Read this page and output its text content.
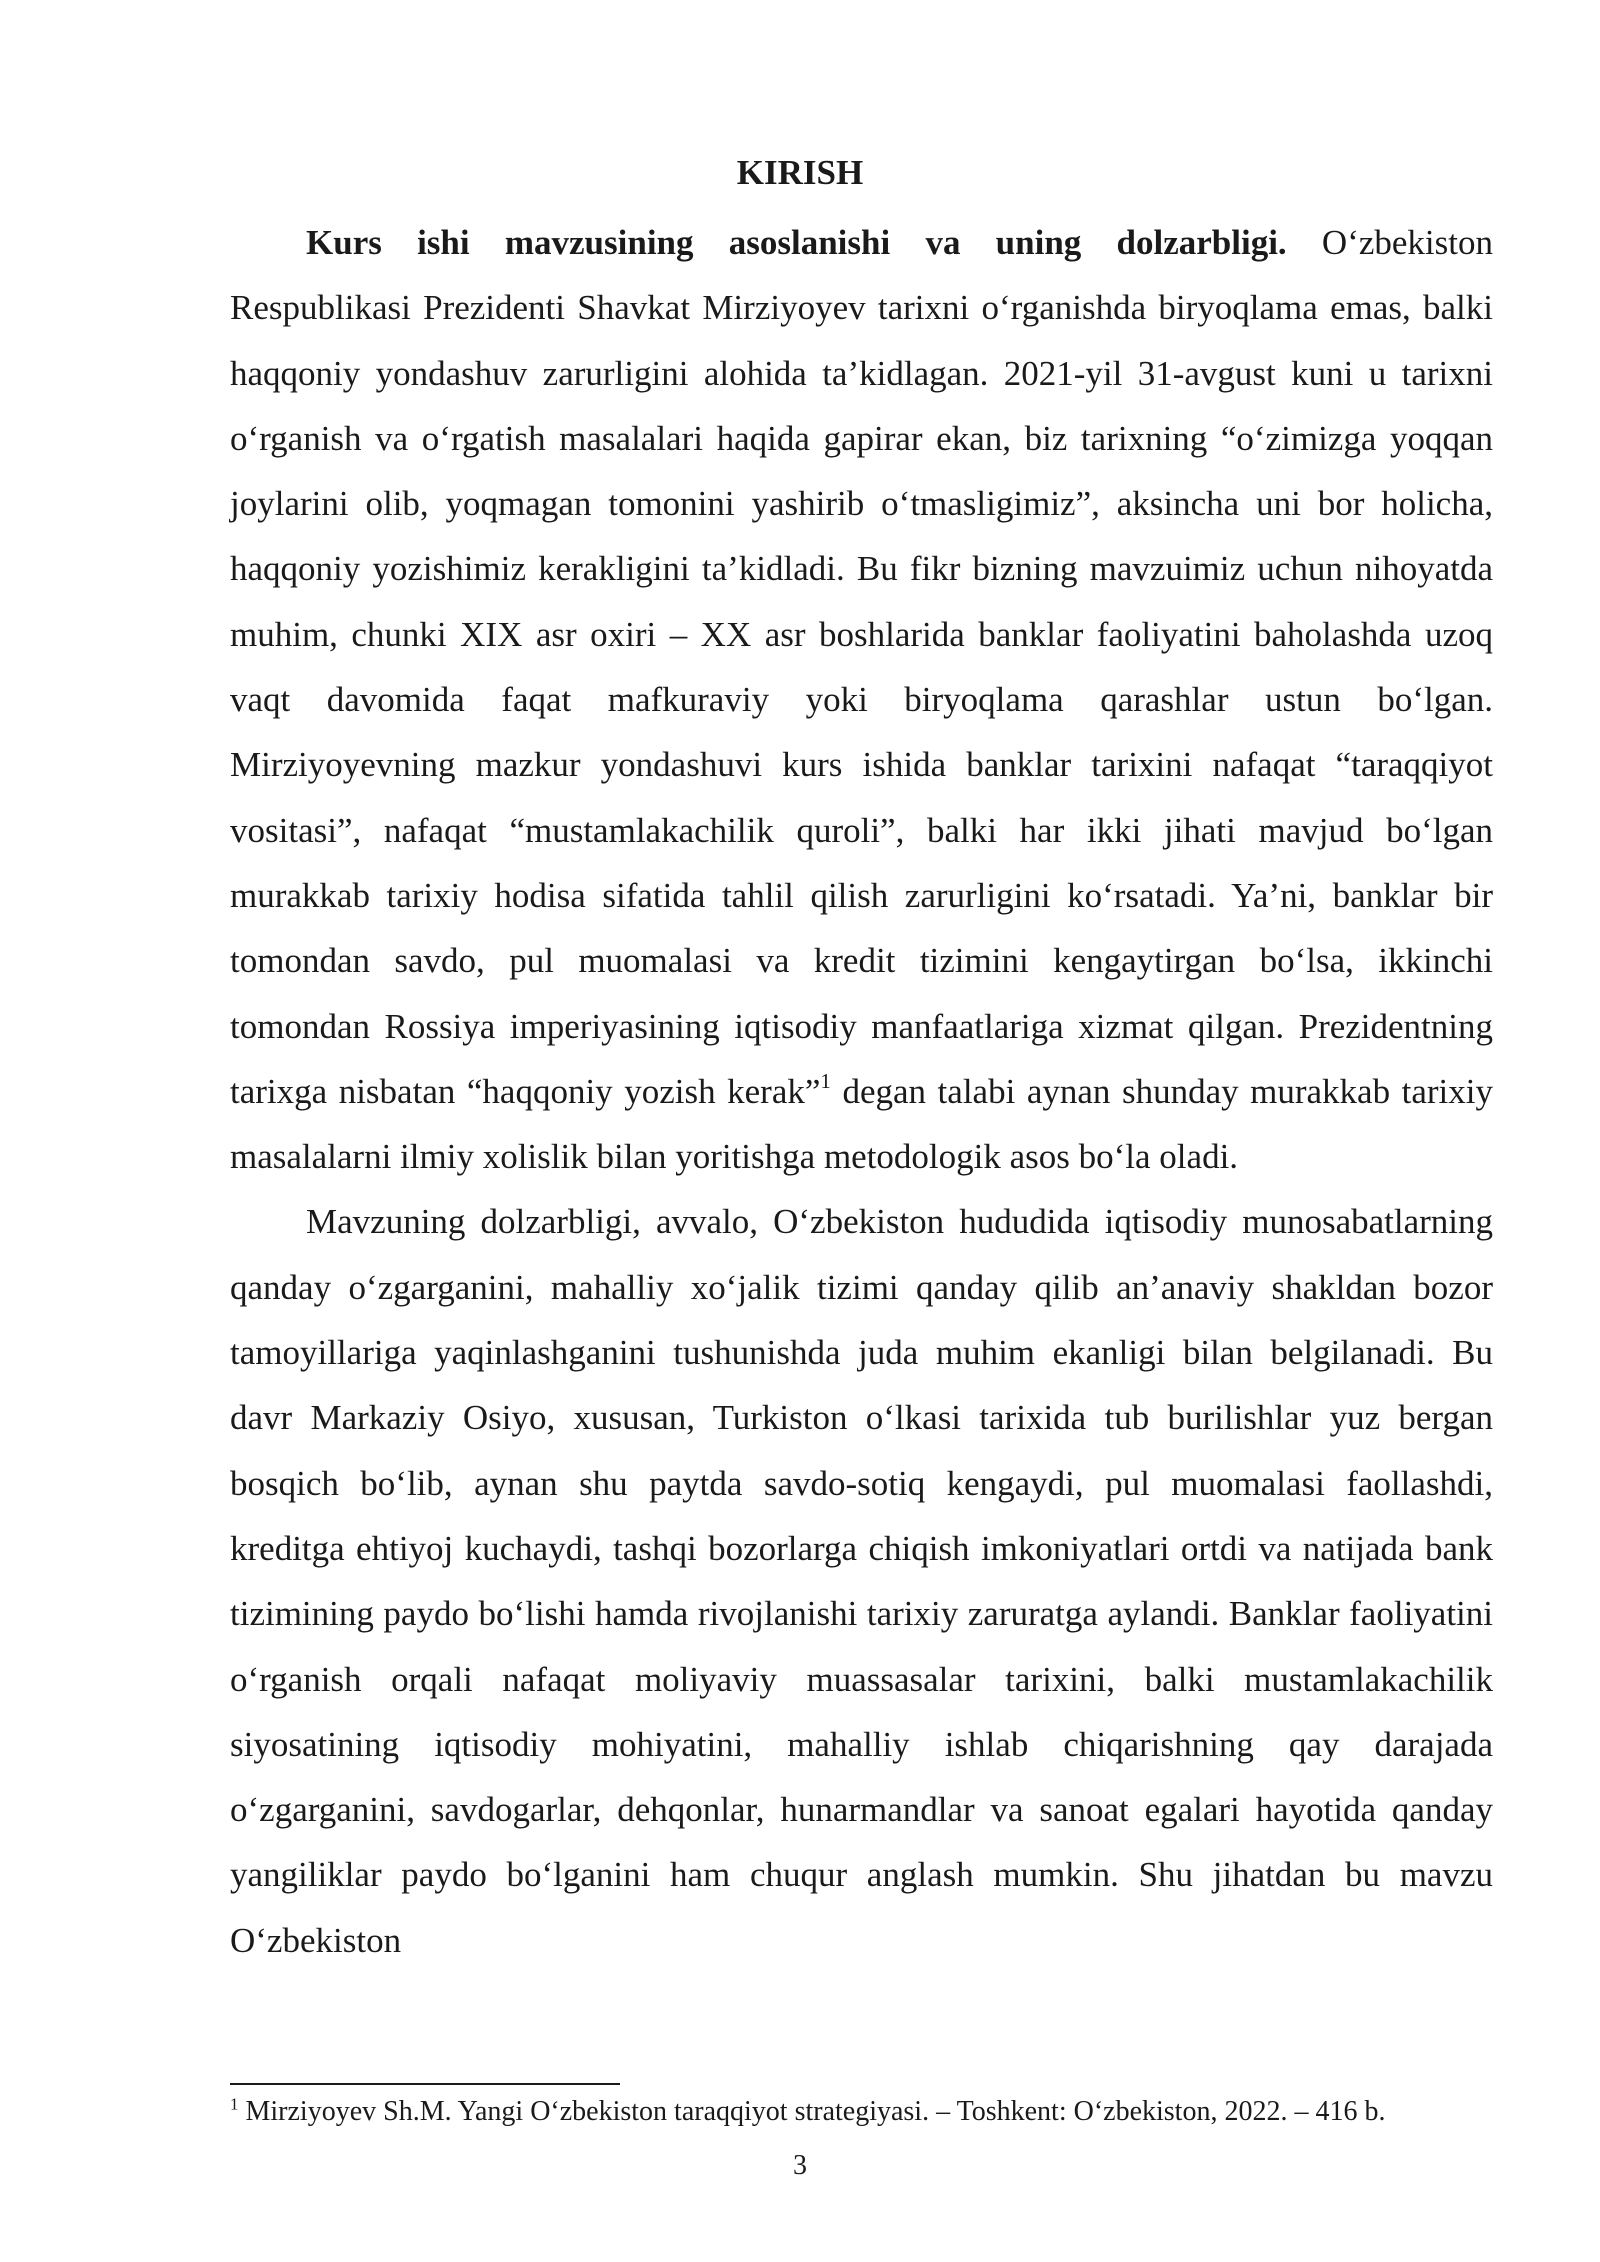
KIRISH

Kurs ishi mavzusining asoslanishi va uning dolzarbligi. O‘zbekiston Respublikasi Prezidenti Shavkat Mirziyoyev tarixni o‘rganishda biryoqlama emas, balki haqqoniy yondashuv zarurligini alohida ta’kidlagan. 2021-yil 31-avgust kuni u tarixni o‘rganish va o‘rgatish masalalari haqida gapirar ekan, biz tarixning “o‘zimizga yoqqan joylarini olib, yoqmagan tomonini yashirib o‘tmasligimiz”, aksincha uni bor holicha, haqqoniy yozishimiz kerakligini ta’kidladi. Bu fikr bizning mavzuimiz uchun nihoyatda muhim, chunki XIX asr oxiri – XX asr boshlarida banklar faoliyatini baholashda uzoq vaqt davomida faqat mafkuraviy yoki biryoqlama qarashlar ustun bo‘lgan. Mirziyoyevning mazkur yondashuvi kurs ishida banklar tarixini nafaqat “taraqqiyot vositasi”, nafaqat “mustamlakachilik quroli”, balki har ikki jihati mavjud bo‘lgan murakkab tarixiy hodisa sifatida tahlil qilish zarurligini ko‘rsatadi. Ya’ni, banklar bir tomondan savdo, pul muomalasi va kredit tizimini kengaytirgan bo‘lsa, ikkinchi tomondan Rossiya imperiyasining iqtisodiy manfaatlariga xizmat qilgan. Prezidentning tarixga nisbatan “haqqoniy yozish kerak”$^1$ degan talabi aynan shunday murakkab tarixiy masalalarni ilmiy xolislik bilan yoritishga metodologik asos bo‘la oladi.

Mavzuning dolzarbligi, avvalo, O‘zbekiston hududida iqtisodiy munosabatlarning qanday o‘zgarganini, mahalliy xo‘jalik tizimi qanday qilib an’anaviy shakldan bozor tamoyillariga yaqinlashganini tushunishda juda muhim ekanligi bilan belgilanadi. Bu davr Markaziy Osiyo, xususan, Turkiston o‘lkasi tarixida tub burilishlar yuz bergan bosqich bo‘lib, aynan shu paytda savdo-sotiq kengaydi, pul muomalasi faollashdi, kreditga ehtiyoj kuchaydi, tashqi bozorlarga chiqish imkoniyatlari ortdi va natijada bank tizimining paydo bo‘lishi hamda rivojlanishi tarixiy zaruratga aylandi. Banklar faoliyatini o‘rganish orqali nafaqat moliyaviy muassasalar tarixini, balki mustamlakachilik siyosatining iqtisodiy mohiyatini, mahalliy ishlab chiqarishning qay darajada o‘zgarganini, savdogarlar, dehqonlar, hunarmandlar va sanoat egalari hayotida qanday yangiliklar paydo bo‘lganini ham chuqur anglash mumkin. Shu jihatdan bu mavzu O‘zbekiston

$^1$ Mirziyoyev Sh.M. Yangi O‘zbekiston taraqqiyot strategiyasi. – Toshkent: O‘zbekiston, 2022. – 416 b.

3
